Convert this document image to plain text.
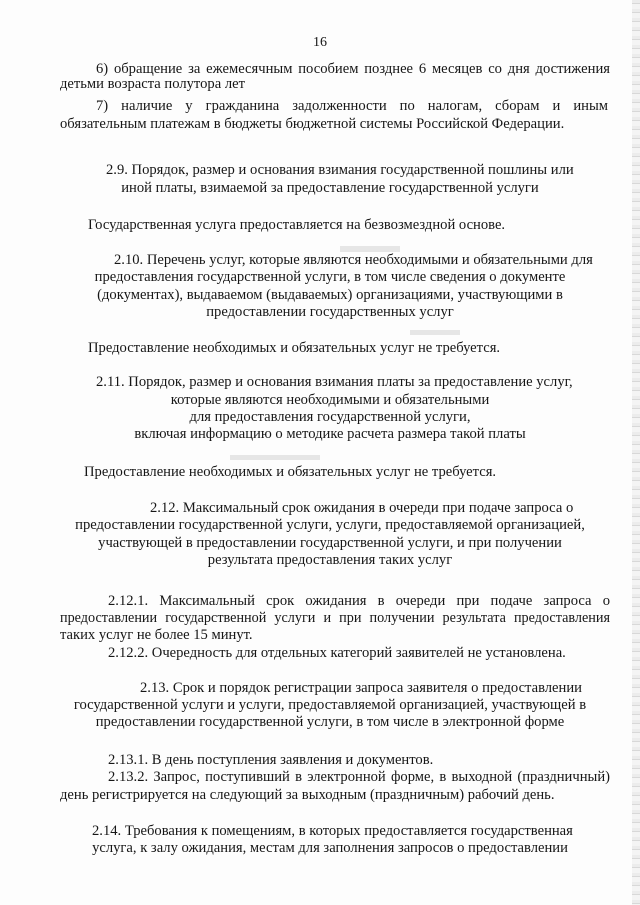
16
6) обращение за ежемесячным пособием позднее 6 месяцев со дня достижения
детьми возраста полутора лет
7) наличие у гражданина задолженности по налогам, сборам и иным
обязательным платежам в бюджеты бюджетной системы Российской Федерации.
2.9. Порядок, размер и основания взимания государственной пошлины или
иной платы, взимаемой за предоставление государственной услуги
Государственная услуга предоставляется на безвозмездной основе.
2.10. Перечень услуг, которые являются необходимыми и обязательными для
предоставления государственной услуги, в том числе сведения о документе
(документах), выдаваемом (выдаваемых) организациями, участвующими в
предоставлении государственных услуг
Предоставление необходимых и обязательных услуг не требуется.
2.11. Порядок, размер и основания взимания платы за предоставление услуг,
которые являются необходимыми и обязательными
для предоставления государственной услуги,
включая информацию о методике расчета размера такой платы
Предоставление необходимых и обязательных услуг не требуется.
2.12. Максимальный срок ожидания в очереди при подаче запроса о
предоставлении государственной услуги, услуги, предоставляемой организацией,
участвующей в предоставлении государственной услуги, и при получении
результата предоставления таких услуг
2.12.1. Максимальный срок ожидания в очереди при подаче запроса о
предоставлении государственной услуги и при получении результата предоставления
таких услуг не более 15 минут.
2.12.2. Очередность для отдельных категорий заявителей не установлена.
2.13. Срок и порядок регистрации запроса заявителя о предоставлении
государственной услуги и услуги, предоставляемой организацией, участвующей в
предоставлении государственной услуги, в том числе в электронной форме
2.13.1. В день поступления заявления и документов.
2.13.2. Запрос, поступивший в электронной форме, в выходной (праздничный)
день регистрируется на следующий за выходным (праздничным) рабочий день.
2.14. Требования к помещениям, в которых предоставляется государственная
услуга, к залу ожидания, местам для заполнения запросов о предоставлении
